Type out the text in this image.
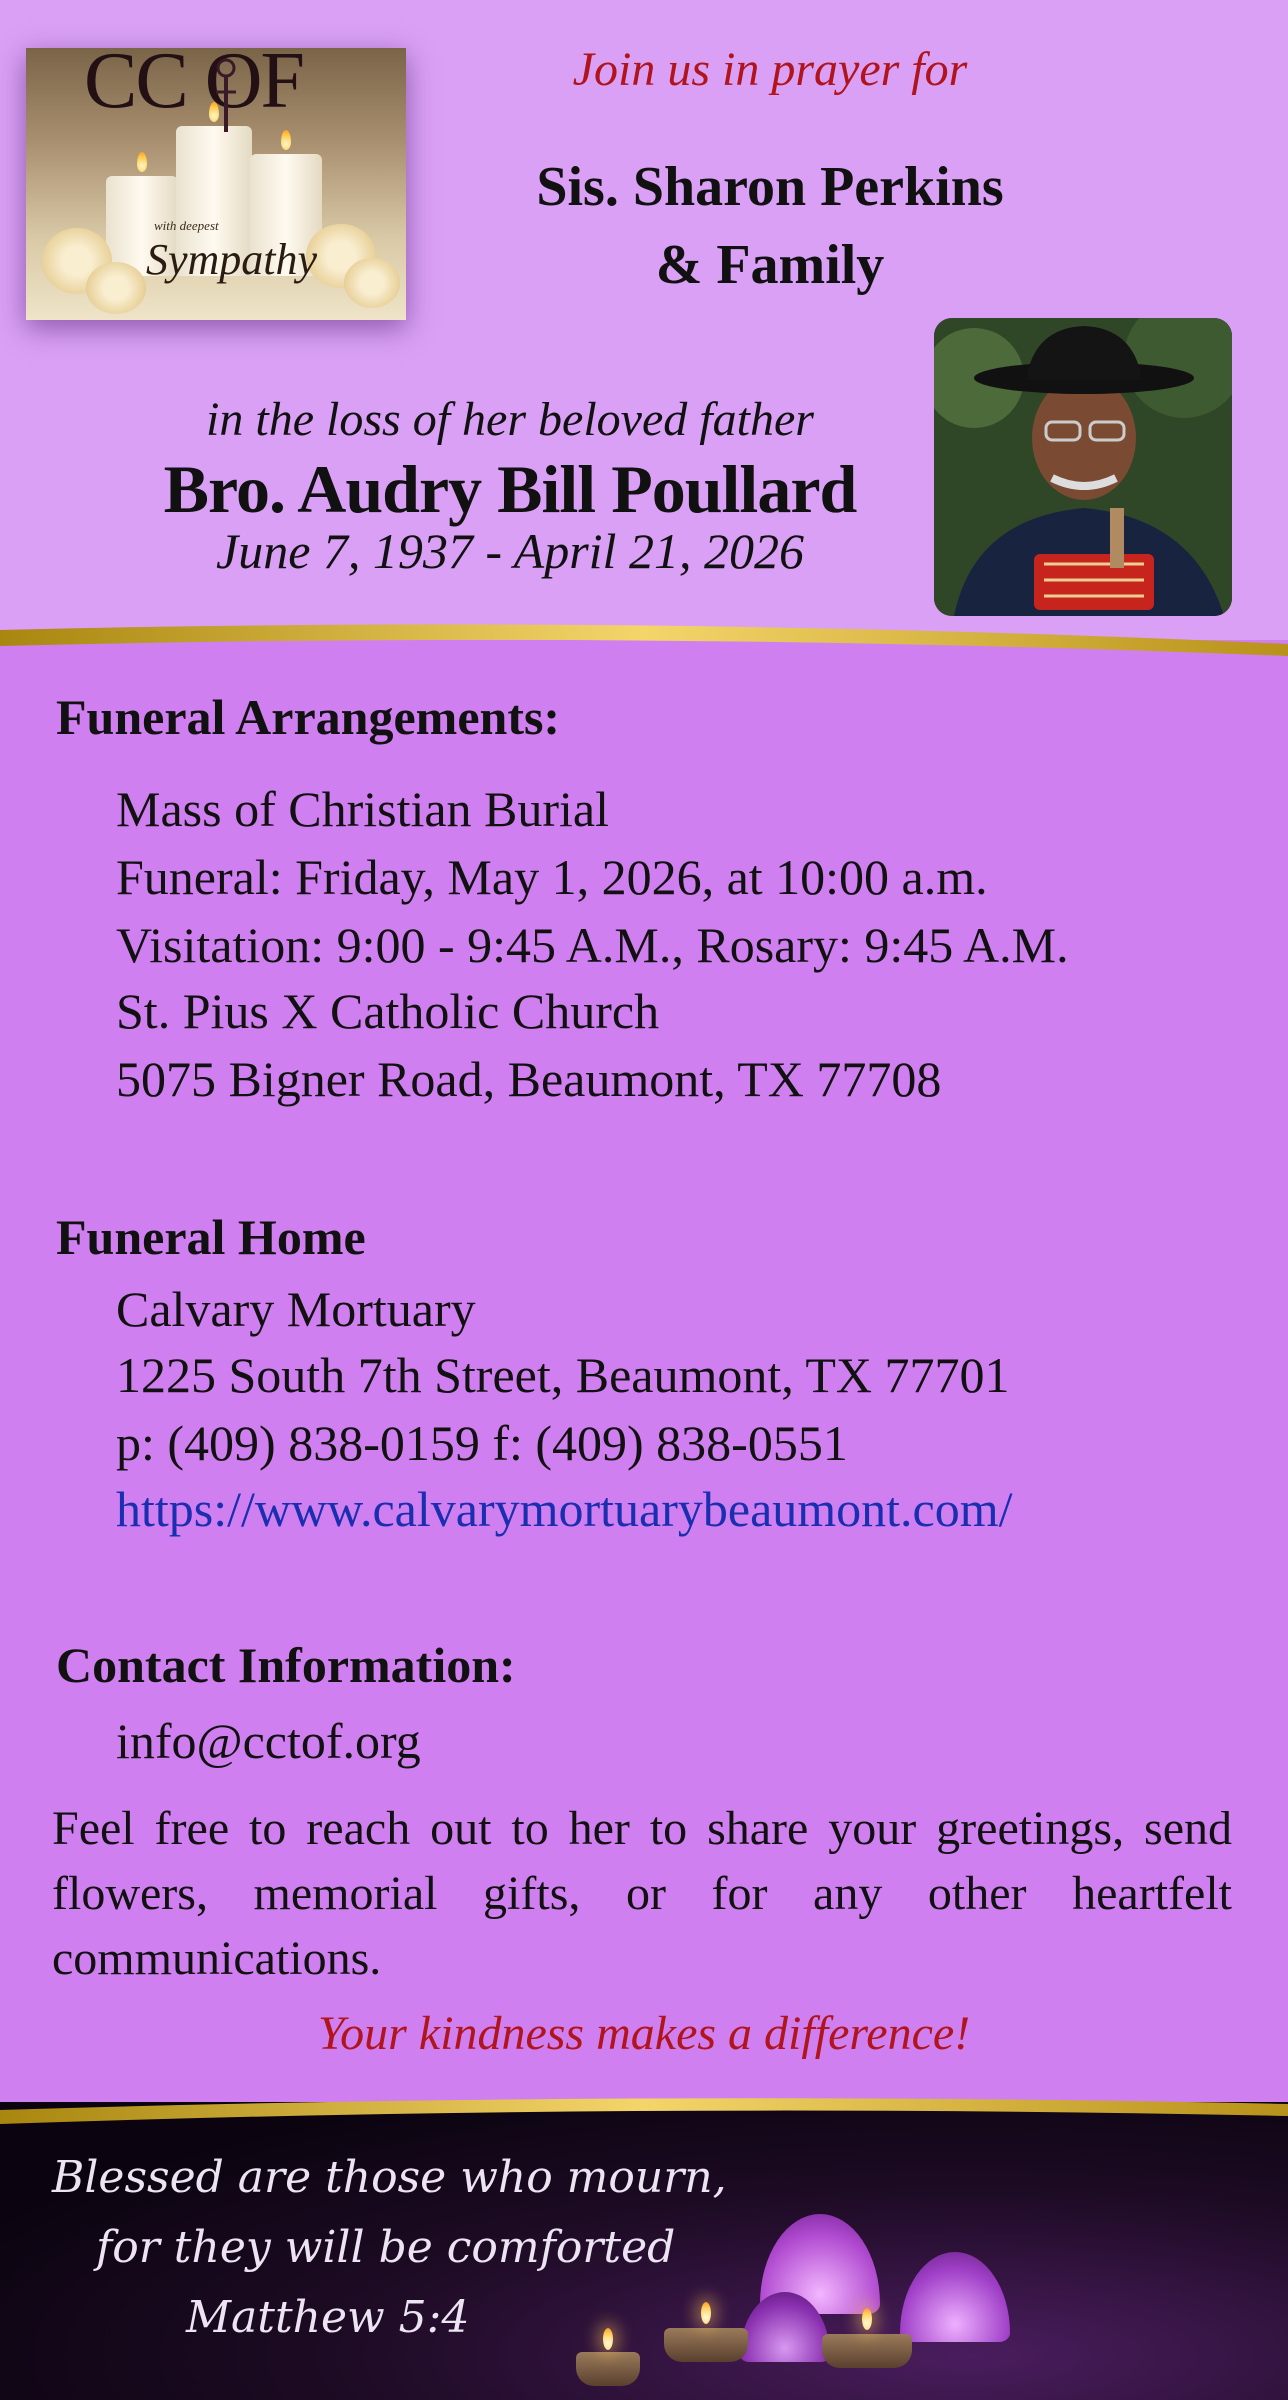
CC OF
with deepest
Sympathy
Join us in prayer for
Sis. Sharon Perkins
& Family
in the loss of her beloved father
Bro. Audry Bill Poullard
June 7, 1937 - April 21, 2026
Funeral Arrangements:
Mass of Christian Burial
Funeral: Friday, May 1, 2026, at 10:00 a.m.
Visitation: 9:00 - 9:45 A.M., Rosary: 9:45 A.M.
St. Pius X Catholic Church
5075 Bigner Road, Beaumont, TX 77708
Funeral Home
Calvary Mortuary
1225 South 7th Street, Beaumont, TX 77701
p: (409) 838-0159 f: (409) 838-0551
https://www.calvarymortuarybeaumont.com/
Contact Information:
info@cctof.org
Feel free to reach out to her to share your greetings, send flowers, memorial gifts, or for any other heartfelt communications.
Your kindness makes a difference!
Blessed are those who mourn,
for they will be comforted
Matthew 5:4
